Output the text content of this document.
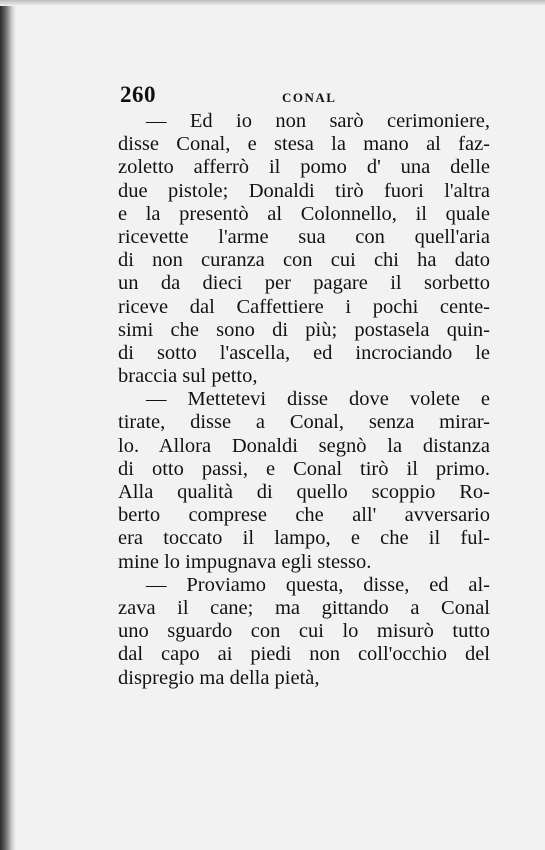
260	CONAL
— Ed io non sarò cerimoniere,
disse Conal, e stesa la mano al faz-
zoletto afferrò il pomo d' una delle
due pistole; Donaldi tirò fuori l'altra
e la presentò al Colonnello, il quale
ricevette l'arme sua con quell'aria
di non curanza con cui chi ha dato
un da dieci per pagare il sorbetto
riceve dal Caffettiere i pochi cente-
simi che sono di più; postasela quin-
di sotto l'ascella, ed incrociando le
braccia sul petto,
— Mettetevi disse dove volete e
tirate, disse a Conal, senza mirar-
lo. Allora Donaldi segnò la distanza
di otto passi, e Conal tirò il primo.
Alla qualità di quello scoppio Ro-
berto comprese che all' avversario
era toccato il lampo, e che il ful-
mine lo impugnava egli stesso.
— Proviamo questa, disse, ed al-
zava il cane; ma gittando a Conal
uno sguardo con cui lo misurò tutto
dal capo ai piedi non coll'occhio del
dispregio ma della pietà,
